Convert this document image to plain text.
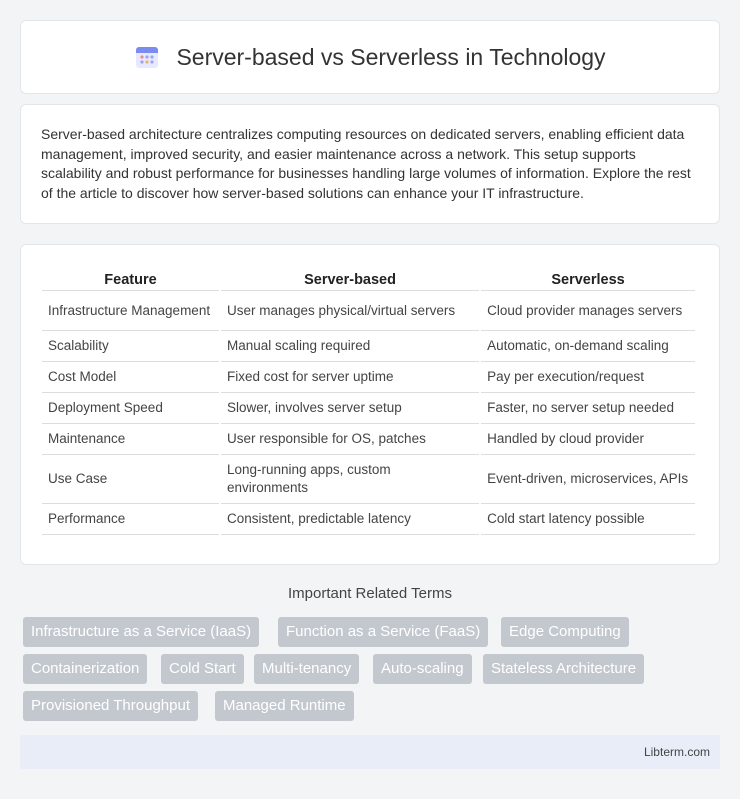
Server-based vs Serverless in Technology

Server-based architecture centralizes computing resources on dedicated servers, enabling efficient data management, improved security, and easier maintenance across a network. This setup supports scalability and robust performance for businesses handling large volumes of information. Explore the rest of the article to discover how server-based solutions can enhance your IT infrastructure.

Feature	Server-based	Serverless
Infrastructure Management	User manages physical/virtual servers	Cloud provider manages servers
Scalability	Manual scaling required	Automatic, on-demand scaling
Cost Model	Fixed cost for server uptime	Pay per execution/request
Deployment Speed	Slower, involves server setup	Faster, no server setup needed
Maintenance	User responsible for OS, patches	Handled by cloud provider
Use Case	Long-running apps, custom environments	Event-driven, microservices, APIs
Performance	Consistent, predictable latency	Cold start latency possible
Important Related Terms
Infrastructure as a Service (IaaS)	Function as a Service (FaaS)	Edge Computing
Containerization	Cold Start	Multi-tenancy	Auto-scaling	Stateless Architecture
Provisioned Throughput	Managed Runtime
Libterm.com
